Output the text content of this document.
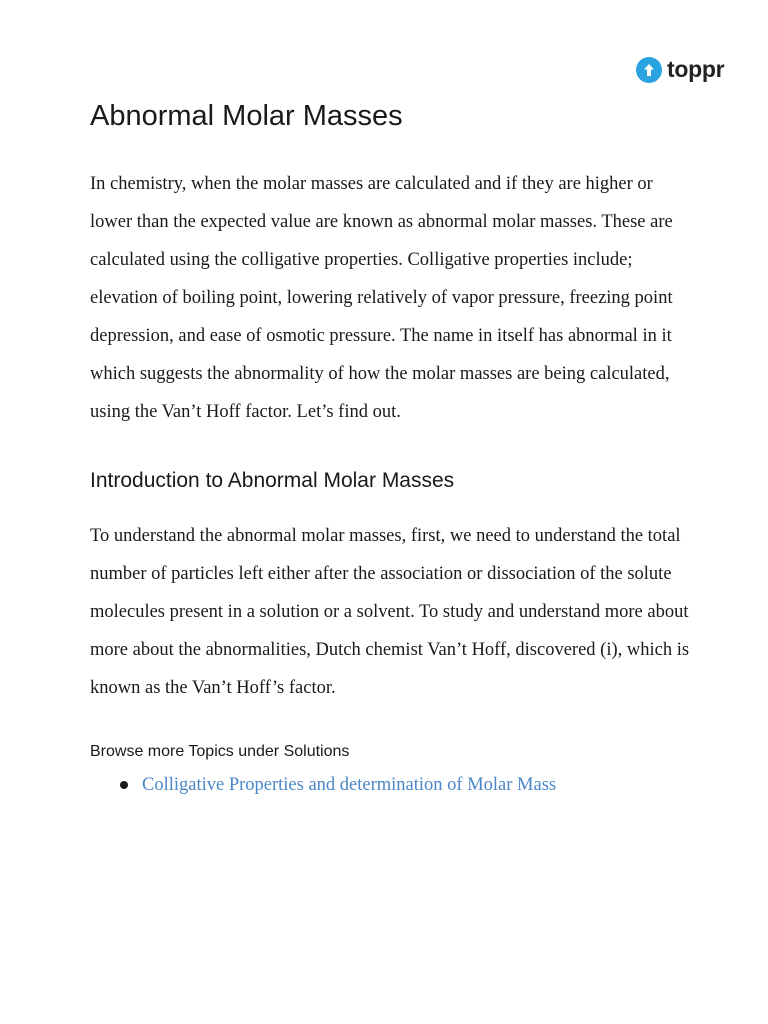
toppr
Abnormal Molar Masses

In chemistry, when the molar masses are calculated and if they are higher or lower than the expected value are known as abnormal molar masses. These are calculated using the colligative properties. Colligative properties include; elevation of boiling point, lowering relatively of vapor pressure, freezing point depression, and ease of osmotic pressure. The name in itself has abnormal in it which suggests the abnormality of how the molar masses are being calculated, using the Van’t Hoff factor. Let’s find out.

Introduction to Abnormal Molar Masses

To understand the abnormal molar masses, first, we need to understand the total number of particles left either after the association or dissociation of the solute molecules present in a solution or a solvent. To study and understand more about more about the abnormalities, Dutch chemist Van’t Hoff, discovered (i), which is known as the Van’t Hoff’s factor.

Browse more Topics under Solutions
Colligative Properties and determination of Molar Mass
